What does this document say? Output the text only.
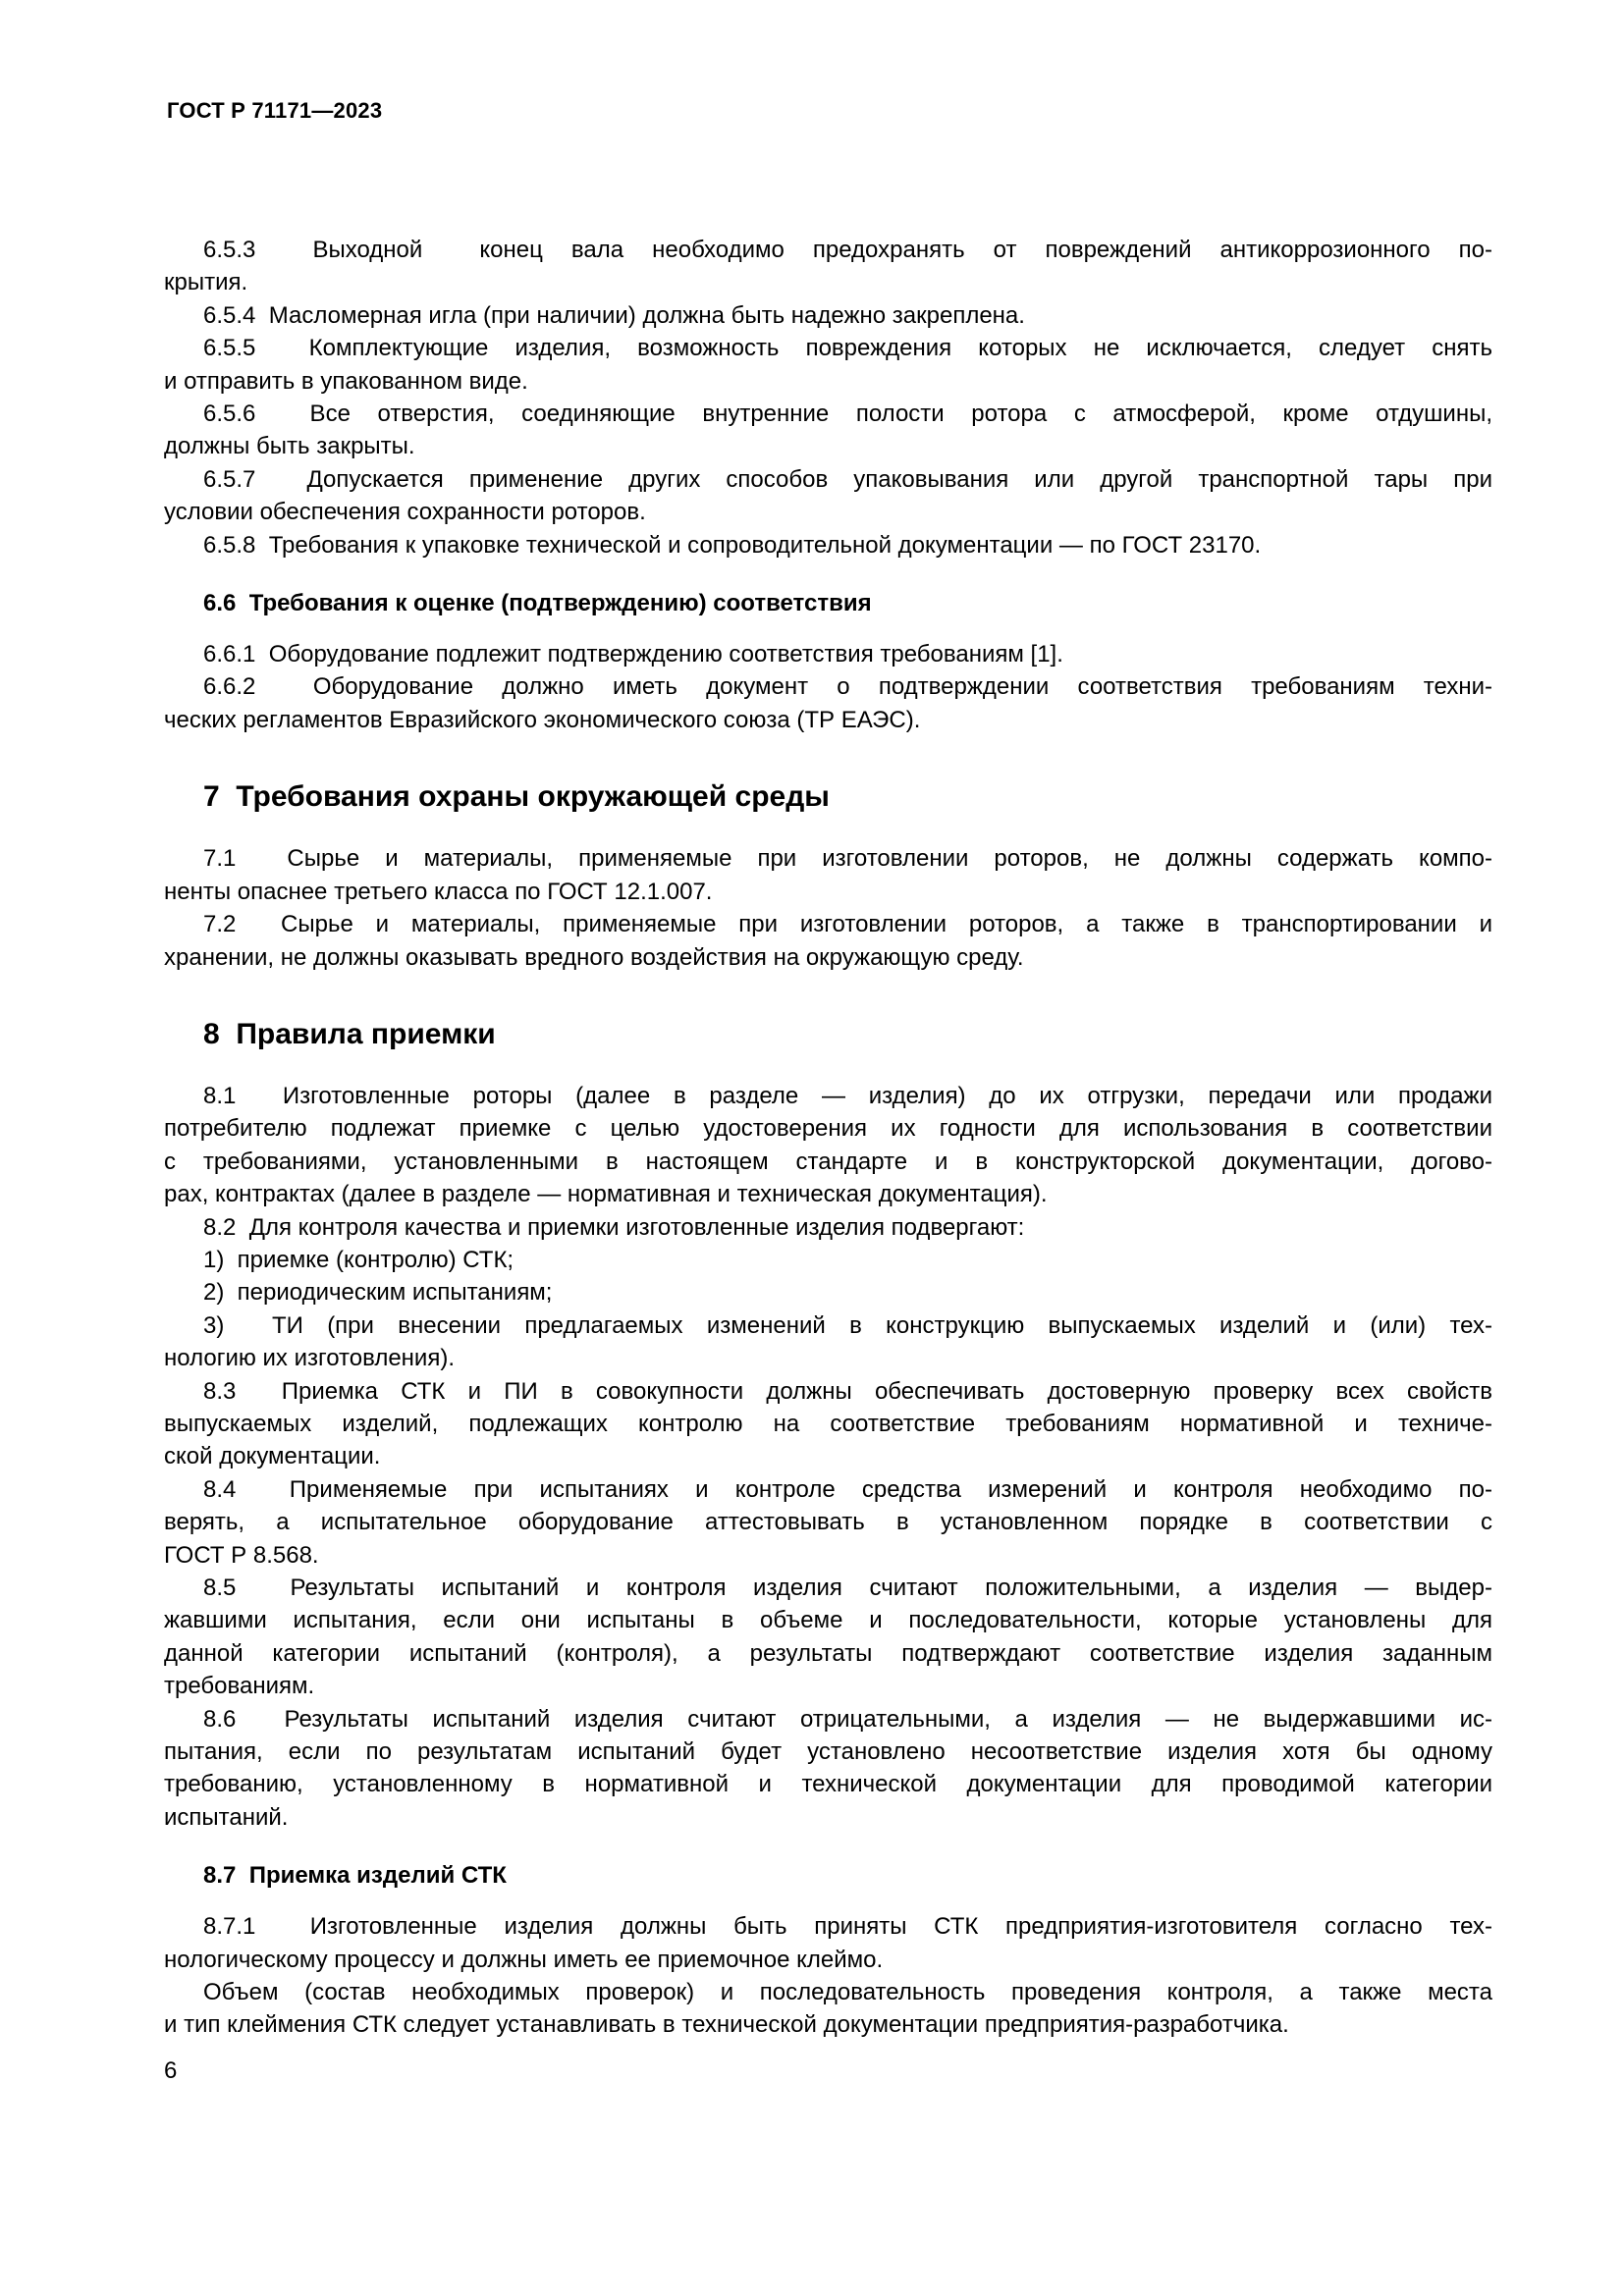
ГОСТ Р 71171—2023
6.5.3  Выходной  конец вала необходимо предохранять от повреждений антикоррозионного по-
крытия.
6.5.4  Масломерная игла (при наличии) должна быть надежно закреплена.
6.5.5  Комплектующие изделия, возможность повреждения которых не исключается, следует снять
и отправить в упакованном виде.
6.5.6  Все отверстия, соединяющие внутренние полости ротора с атмосферой, кроме отдушины,
должны быть закрыты.
6.5.7  Допускается применение других способов упаковывания или другой транспортной тары при
условии обеспечения сохранности роторов.
6.5.8  Требования к упаковке технической и сопроводительной документации — по ГОСТ 23170.
6.6  Требования к оценке (подтверждению) соответствия
6.6.1  Оборудование подлежит подтверждению соответствия требованиям [1].
6.6.2  Оборудование должно иметь документ о подтверждении соответствия требованиям техни-
ческих регламентов Евразийского экономического союза (ТР ЕАЭС).
7  Требования охраны окружающей среды
7.1  Сырье и материалы, применяемые при изготовлении роторов, не должны содержать компо-
ненты опаснее третьего класса по ГОСТ 12.1.007.
7.2  Сырье и материалы, применяемые при изготовлении роторов, а также в транспортировании и
хранении, не должны оказывать вредного воздействия на окружающую среду.
8  Правила приемки
8.1  Изготовленные роторы (далее в разделе — изделия) до их отгрузки, передачи или продажи
потребителю подлежат приемке с целью удостоверения их годности для использования в соответствии
с требованиями, установленными в настоящем стандарте и в конструкторской документации, догово-
рах, контрактах (далее в разделе — нормативная и техническая документация).
8.2  Для контроля качества и приемки изготовленные изделия подвергают:
1)  приемке (контролю) СТК;
2)  периодическим испытаниям;
3)  ТИ (при внесении предлагаемых изменений в конструкцию выпускаемых изделий и (или) тех-
нологию их изготовления).
8.3  Приемка СТК и ПИ в совокупности должны обеспечивать достоверную проверку всех свойств
выпускаемых изделий, подлежащих контролю на соответствие требованиям нормативной и техниче-
ской документации.
8.4  Применяемые при испытаниях и контроле средства измерений и контроля необходимо по-
верять, а испытательное оборудование аттестовывать в установленном порядке в соответствии с
ГОСТ Р 8.568.
8.5  Результаты испытаний и контроля изделия считают положительными, а изделия — выдер-
жавшими испытания, если они испытаны в объеме и последовательности, которые установлены для
данной категории испытаний (контроля), а результаты подтверждают соответствие изделия заданным
требованиям.
8.6  Результаты испытаний изделия считают отрицательными, а изделия — не выдержавшими ис-
пытания, если по результатам испытаний будет установлено несоответствие изделия хотя бы одному
требованию, установленному в нормативной и технической документации для проводимой категории
испытаний.
8.7  Приемка изделий СТК
8.7.1  Изготовленные изделия должны быть приняты СТК предприятия-изготовителя согласно тех-
нологическому процессу и должны иметь ее приемочное клеймо.
Объем (состав необходимых проверок) и последовательность проведения контроля, а также места
и тип клеймения СТК следует устанавливать в технической документации предприятия-разработчика.
6
